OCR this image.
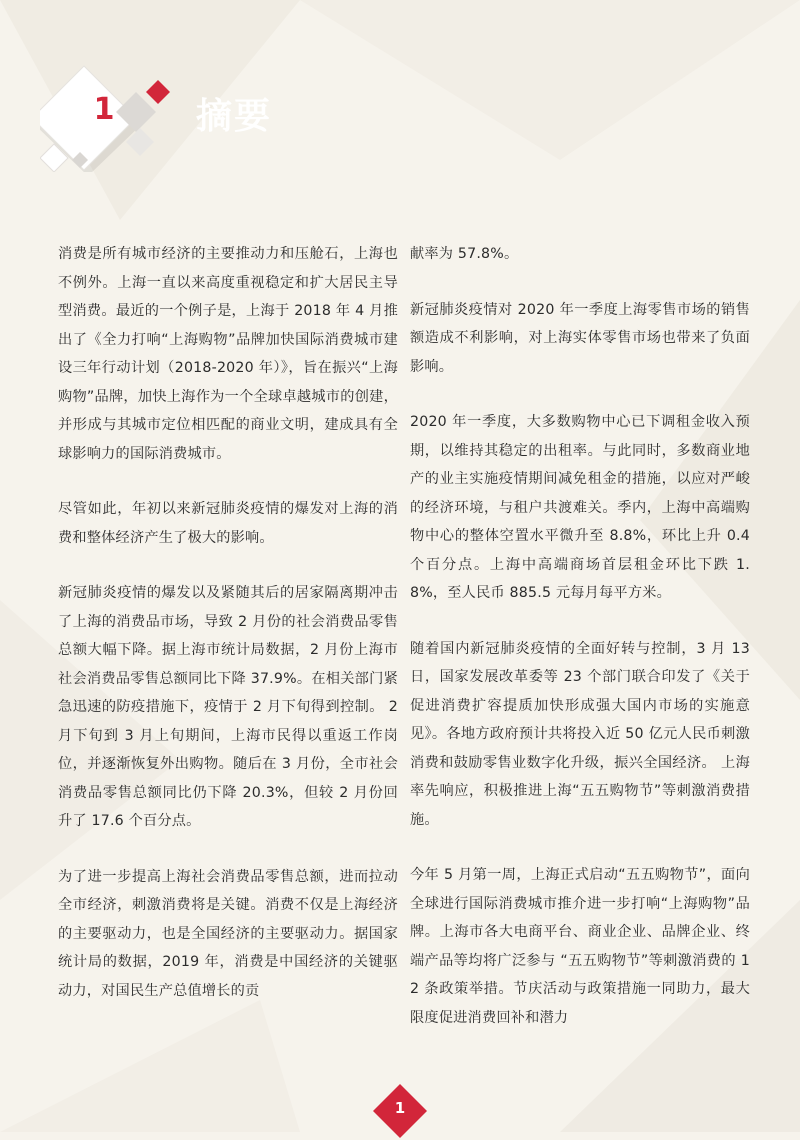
1 摘要

消费是所有城市经济的主要推动力和压舱石，上海也不例外。上海一直以来高度重视稳定和扩大居民主导型消费。最近的一个例子是，上海于 2018 年 4 月推出了《全力打响“上海购物”品牌加快国际消费城市建设三年行动计划（2018-2020 年）》，旨在振兴“上海购物”品牌，加快上海作为一个全球卓越城市的创建，并形成与其城市定位相匹配的商业文明，建成具有全球影响力的国际消费城市。

尽管如此，年初以来新冠肺炎疫情的爆发对上海的消费和整体经济产生了极大的影响。

新冠肺炎疫情的爆发以及紧随其后的居家隔离期冲击了上海的消费品市场，导致 2 月份的社会消费品零售总额大幅下降。据上海市统计局数据，2 月份上海市社会消费品零售总额同比下降 37.9%。在相关部门紧急迅速的防疫措施下，疫情于 2 月下旬得到控制。 2 月下旬到 3 月上旬期间，上海市民得以重返工作岗位，并逐渐恢复外出购物。随后在 3 月份，全市社会消费品零售总额同比仍下降 20.3%，但较 2 月份回升了 17.6 个百分点。

为了进一步提高上海社会消费品零售总额，进而拉动全市经济，刺激消费将是关键。消费不仅是上海经济的主要驱动力，也是全国经济的主要驱动力。据国家统计局的数据，2019 年，消费是中国经济的关键驱动力，对国民生产总值增长的贡

献率为 57.8%。

新冠肺炎疫情对 2020 年一季度上海零售市场的销售额造成不利影响，对上海实体零售市场也带来了负面影响。

2020 年一季度，大多数购物中心已下调租金收入预期，以维持其稳定的出租率。与此同时，多数商业地产的业主实施疫情期间减免租金的措施，以应对严峻的经济环境，与租户共渡难关。季内，上海中高端购物中心的整体空置水平微升至 8.8%，环比上升 0.4 个百分点。上海中高端商场首层租金环比下跌 1.8%，至人民币 885.5 元每月每平方米。

随着国内新冠肺炎疫情的全面好转与控制，3 月 13 日，国家发展改革委等 23 个部门联合印发了《关于促进消费扩容提质加快形成强大国内市场的实施意见》。各地方政府预计共将投入近 50 亿元人民币刺激消费和鼓励零售业数字化升级，振兴全国经济。 上海率先响应，积极推进上海“五五购物节”等刺激消费措施。

今年 5 月第一周，上海正式启动“五五购物节”，面向全球进行国际消费城市推介进一步打响“上海购物”品牌。上海市各大电商平台、商业企业、品牌企业、终端产品等均将广泛参与 “五五购物节”等刺激消费的 12 条政策举措。节庆活动与政策措施一同助力，最大限度促进消费回补和潜力

1
